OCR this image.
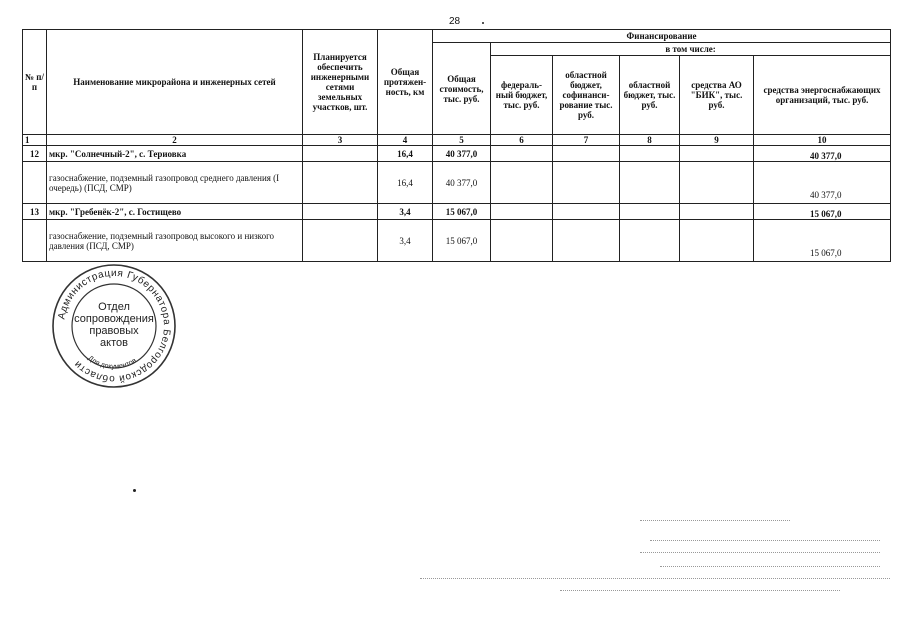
28
№ п/п	Наименование микрорайона и инженерных сетей	Планируется обеспечить инженерными сетями земельных участков, шт.	Общая протяжен-ность, км	Финансирование					
				Общая стоимость, тыс. руб.	в том числе:				
					федераль-ный бюджет, тыс. руб.	областной бюджет, софинанси-рование тыс. руб.	областной бюджет, тыс. руб.	средства АО "БИК", тыс. руб.	средства энергоснабжающих организаций, тыс. руб.
1	2	3	4	5	6	7	8	9	10
12	мкр. "Солнечный-2", с. Териовка		16,4	40 377,0					40 377,0
	газоснабжение, подземный газопровод среднего давления (I очередь) (ПСД, СМР)		16,4	40 377,0					40 377,0
13	мкр. "Гребенёк-2", с. Гостищево		3,4	15 067,0					15 067,0
	газоснабжение, подземный газопровод высокого и низкого давления (ПСД, СМР)		3,4	15 067,0					15 067,0
Администрация Губернатора Белгородской области Для документов
Отдел
сопровождения
правовых
актов
